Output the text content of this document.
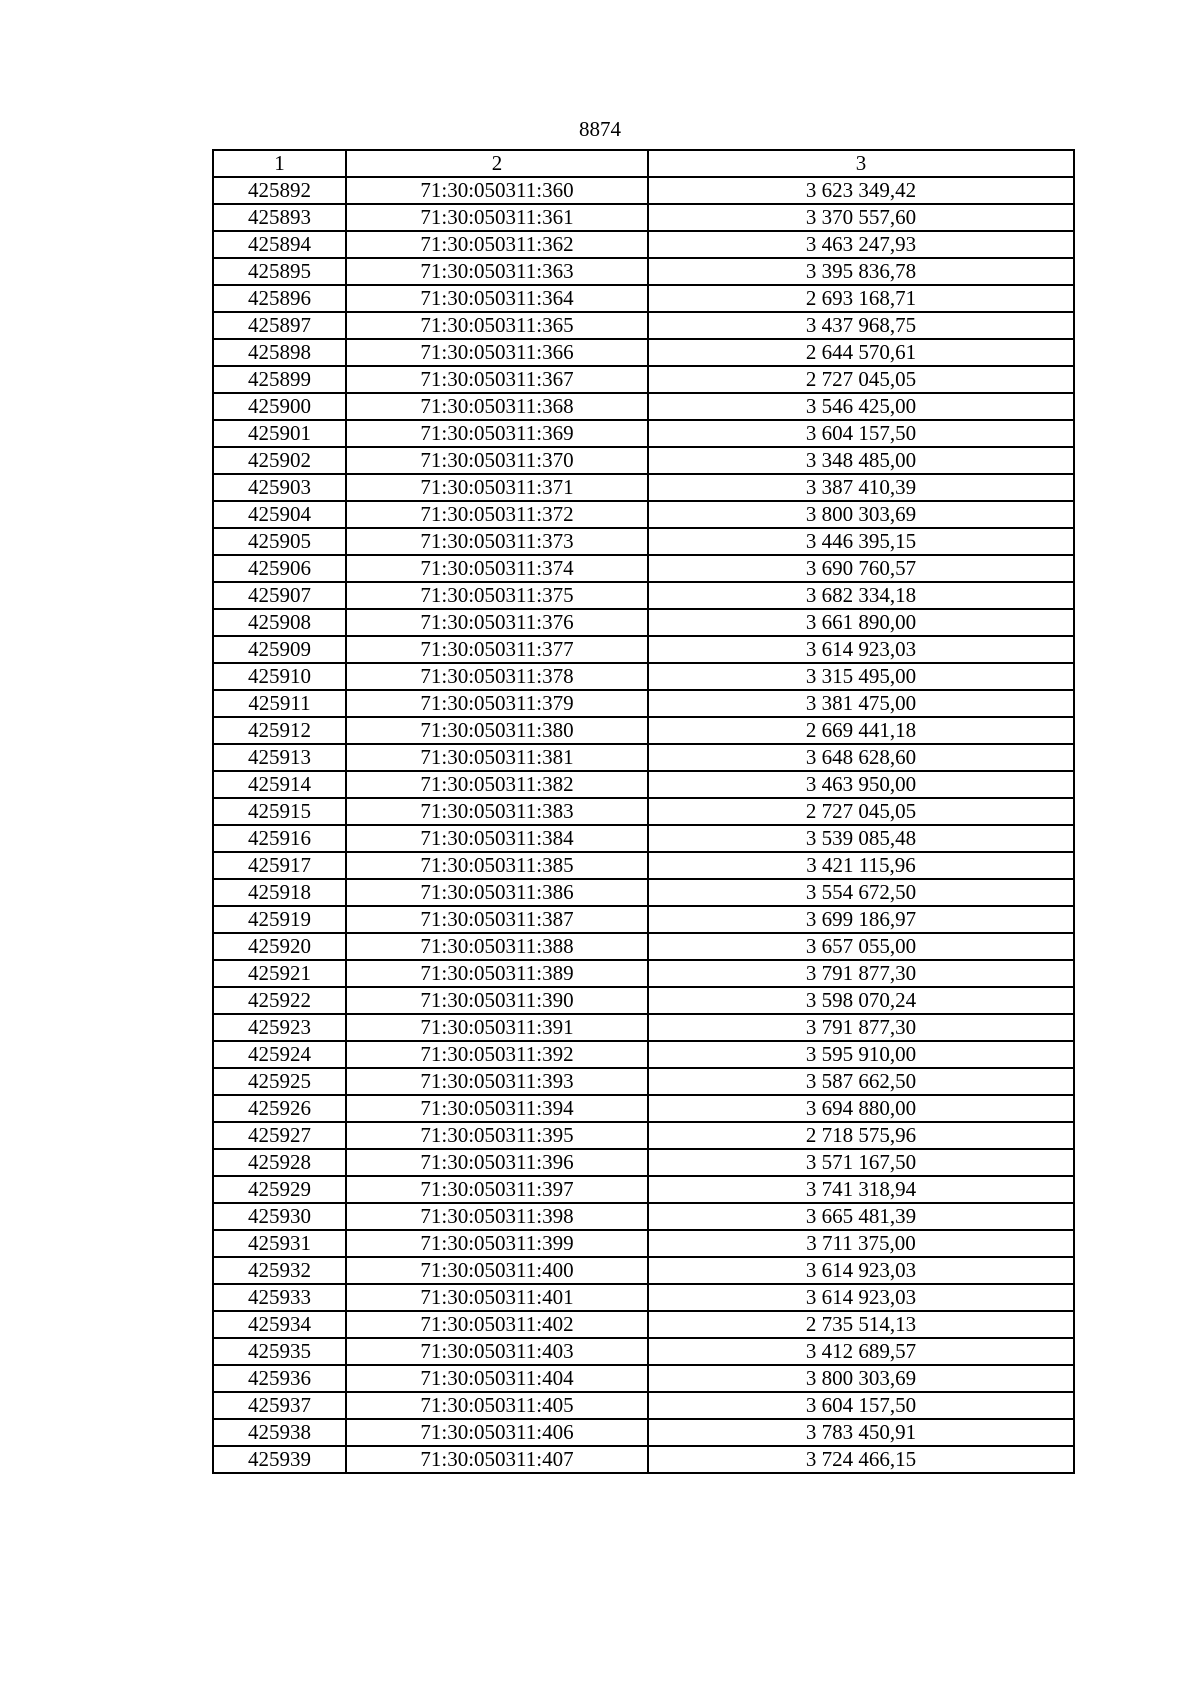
8874
1	2	3
425892	71:30:050311:360	3 623 349,42
425893	71:30:050311:361	3 370 557,60
425894	71:30:050311:362	3 463 247,93
425895	71:30:050311:363	3 395 836,78
425896	71:30:050311:364	2 693 168,71
425897	71:30:050311:365	3 437 968,75
425898	71:30:050311:366	2 644 570,61
425899	71:30:050311:367	2 727 045,05
425900	71:30:050311:368	3 546 425,00
425901	71:30:050311:369	3 604 157,50
425902	71:30:050311:370	3 348 485,00
425903	71:30:050311:371	3 387 410,39
425904	71:30:050311:372	3 800 303,69
425905	71:30:050311:373	3 446 395,15
425906	71:30:050311:374	3 690 760,57
425907	71:30:050311:375	3 682 334,18
425908	71:30:050311:376	3 661 890,00
425909	71:30:050311:377	3 614 923,03
425910	71:30:050311:378	3 315 495,00
425911	71:30:050311:379	3 381 475,00
425912	71:30:050311:380	2 669 441,18
425913	71:30:050311:381	3 648 628,60
425914	71:30:050311:382	3 463 950,00
425915	71:30:050311:383	2 727 045,05
425916	71:30:050311:384	3 539 085,48
425917	71:30:050311:385	3 421 115,96
425918	71:30:050311:386	3 554 672,50
425919	71:30:050311:387	3 699 186,97
425920	71:30:050311:388	3 657 055,00
425921	71:30:050311:389	3 791 877,30
425922	71:30:050311:390	3 598 070,24
425923	71:30:050311:391	3 791 877,30
425924	71:30:050311:392	3 595 910,00
425925	71:30:050311:393	3 587 662,50
425926	71:30:050311:394	3 694 880,00
425927	71:30:050311:395	2 718 575,96
425928	71:30:050311:396	3 571 167,50
425929	71:30:050311:397	3 741 318,94
425930	71:30:050311:398	3 665 481,39
425931	71:30:050311:399	3 711 375,00
425932	71:30:050311:400	3 614 923,03
425933	71:30:050311:401	3 614 923,03
425934	71:30:050311:402	2 735 514,13
425935	71:30:050311:403	3 412 689,57
425936	71:30:050311:404	3 800 303,69
425937	71:30:050311:405	3 604 157,50
425938	71:30:050311:406	3 783 450,91
425939	71:30:050311:407	3 724 466,15
